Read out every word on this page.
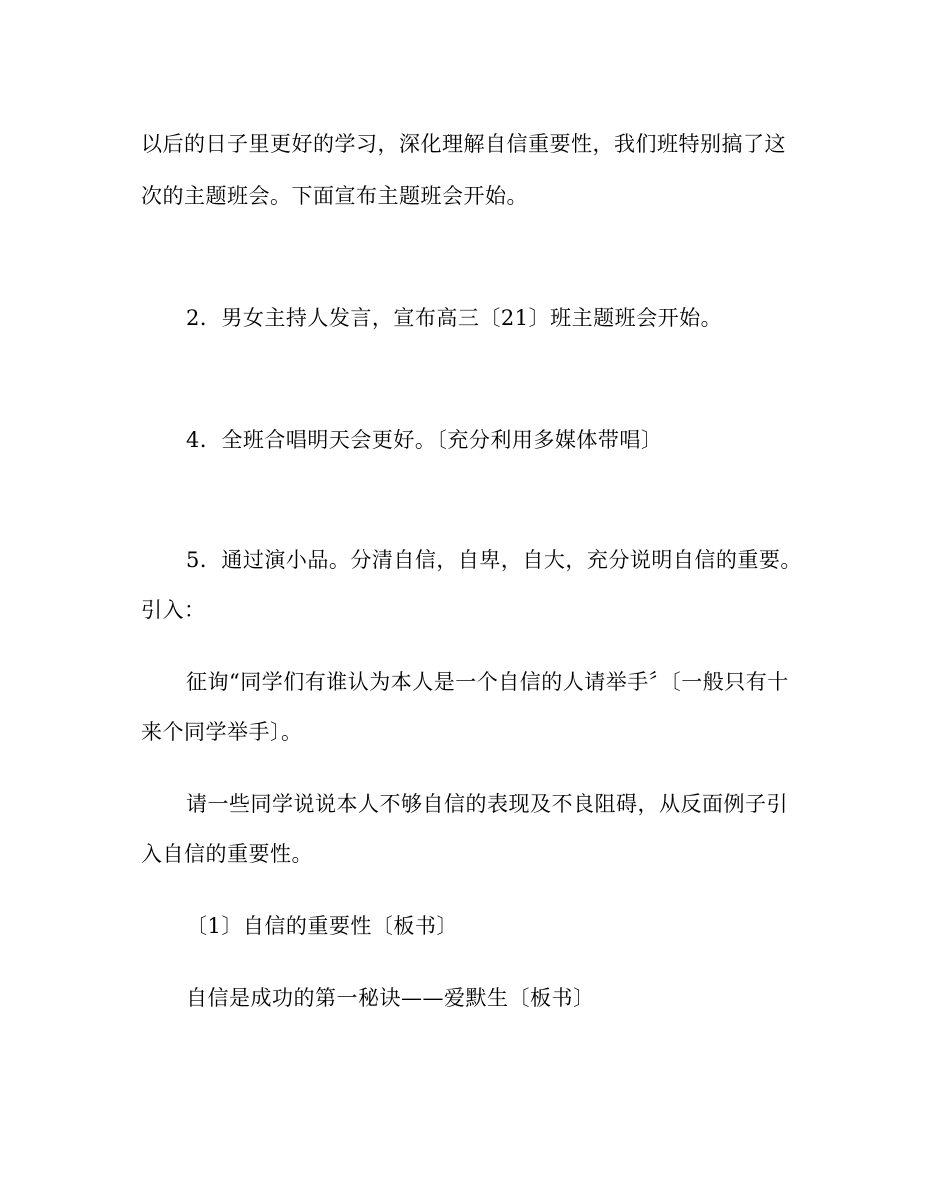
以后的日子里更好的学习，深化理解自信重要性，我们班特别搞了这
次的主题班会。下面宣布主题班会开始。
2．男女主持人发言，宣布高三〔21〕班主题班会开始。
4．全班合唱明天会更好。〔充分利用多媒体带唱〕
5．通过演小品。分清自信，自卑，自大，充分说明自信的重要。
引入：
征询“同学们有谁认为本人是一个自信的人请举手〞〔一般只有十
来个同学举手〕。
请一些同学说说本人不够自信的表现及不良阻碍，从反面例子引
入自信的重要性。
〔1〕自信的重要性〔板书〕
自信是成功的第一秘诀——爱默生〔板书〕
